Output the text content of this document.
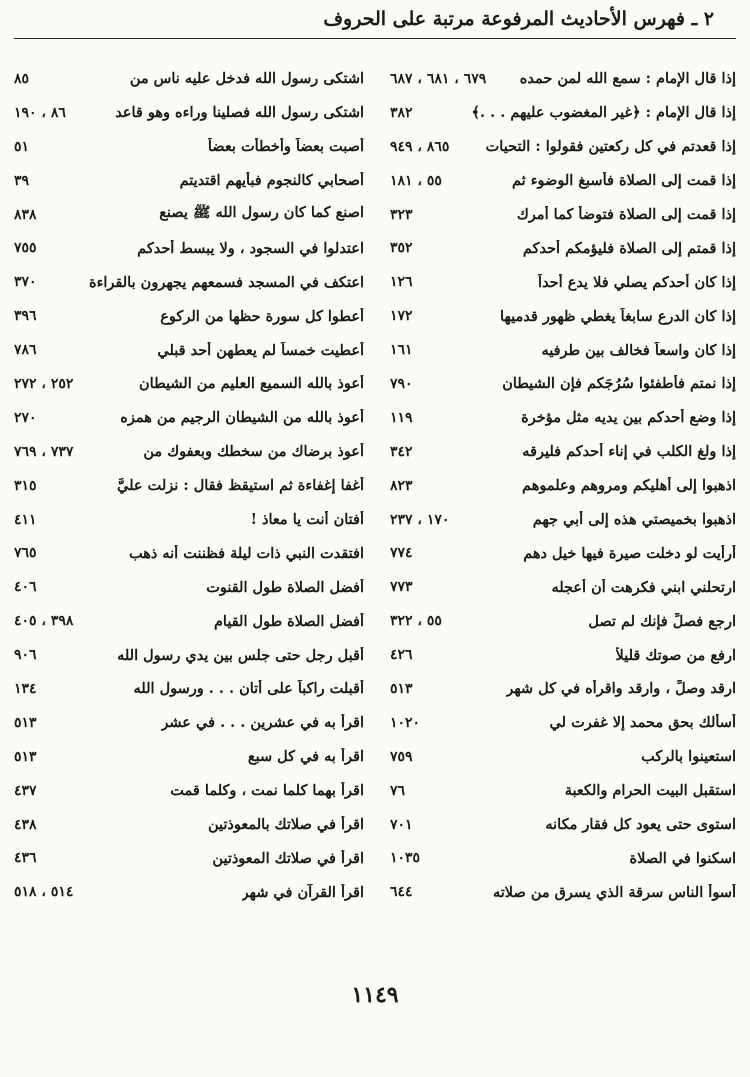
٢ ـ فهرس الأحاديث المرفوعة مرتبة على الحروف
إذا قال الإمام : سمع الله لمن حمده
٦٧٩ ، ٦٨١ ، ٦٨٧
إذا قال الإمام : ﴿غير المغضوب عليهم . . .﴾
٣٨٢
إذا قعدتم في كل ركعتين فقولوا : التحيات
٨٦٥ ، ٩٤٩
إذا قمت إلى الصلاة فأسبغ الوضوء ثم
٥٥ ، ١٨١
إذا قمت إلى الصلاة فتوضأ كما أمرك
٣٢٣
إذا قمتم إلى الصلاة فليؤمكم أحدكم
٣٥٢
إذا كان أحدكم يصلي فلا يدع أحداً
١٢٦
إذا كان الدرع سابغاً يغطي ظهور قدميها
١٧٢
إذا كان واسعاً فخالف بين طرفيه
١٦١
إذا نمتم فأطفئوا سُرُجَكم فإن الشيطان
٧٩٠
إذا وضع أحدكم بين يديه مثل مؤخرة
١١٩
إذا ولغ الكلب في إناء أحدكم فليرقه
٣٤٢
اذهبوا إلى أهليكم ومروهم وعلموهم
٨٢٣
اذهبوا بخميصتي هذه إلى أبي جهم
١٧٠ ، ٢٣٧
أرأيت لو دخلت صيرة فيها خيل دهم
٧٧٤
ارتحلني ابني فكرهت أن أعجله
٧٧٣
ارجع فصلِّ فإنك لم تصل
٥٥ ، ٣٢٢
ارفع من صوتك قليلاً
٤٢٦
ارقد وصلِّ ، وارقد واقرأه في كل شهر
٥١٣
أسألك بحق محمد إلا غفرت لي
١٠٢٠
استعينوا بالركب
٧٥٩
استقبل البيت الحرام والكعبة
٧٦
استوى حتى يعود كل فقار مكانه
٧٠١
اسكنوا في الصلاة
١٠٣٥
أسوأ الناس سرقة الذي يسرق من صلاته
٦٤٤
اشتكى رسول الله فدخل عليه ناس من
٨٥
اشتكى رسول الله فصلينا وراءه وهو قاعد
٨٦ ، ١٩٠
أصبت بعضاً وأخطأت بعضاً
٥١
أصحابي كالنجوم فبأيهم اقتديتم
٣٩
اصنع كما كان رسول الله ﷺ يصنع
٨٣٨
اعتدلوا في السجود ، ولا يبسط أحدكم
٧٥٥
اعتكف في المسجد فسمعهم يجهرون بالقراءة
٣٧٠
أعطوا كل سورة حظها من الركوع
٣٩٦
أعطيت خمساً لم يعطهن أحد قبلي
٧٨٦
أعوذ بالله السميع العليم من الشيطان
٢٥٢ ، ٢٧٢
أعوذ بالله من الشيطان الرجيم من همزه
٢٧٠
أعوذ برضاك من سخطك وبعفوك من
٧٣٧ ، ٧٦٩
أغفا إغفاءة ثم استيقظ فقال : نزلت عليَّ
٣١٥
أفتان أنت يا معاذ !
٤١١
افتقدت النبي ذات ليلة فظننت أنه ذهب
٧٦٥
أفضل الصلاة طول القنوت
٤٠٦
أفضل الصلاة طول القيام
٣٩٨ ، ٤٠٥
أقبل رجل حتى جلس بين يدي رسول الله
٩٠٦
أقبلت راكباً على أتان . . . ورسول الله
١٣٤
اقرأ به في عشرين . . . في عشر
٥١٣
اقرأ به في كل سبع
٥١٣
اقرأ بهما كلما نمت ، وكلما قمت
٤٣٧
اقرأ في صلاتك بالمعوذتين
٤٣٨
اقرأ في صلاتك المعوذتين
٤٣٦
اقرأ القرآن في شهر
٥١٤ ، ٥١٨
١١٤٩
